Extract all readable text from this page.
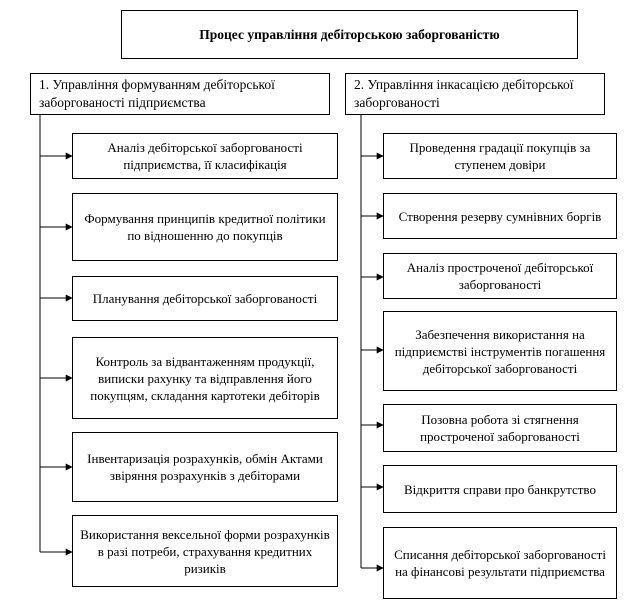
Процес управління дебіторською заборгованістю
1. Управління формуванням дебіторської заборгованості підприємства
2. Управління інкасацією дебіторської заборгованості
Аналіз дебіторської заборгованості підприємства, її класифікація
Формування принципів кредитної політики по відношенню до покупців
Планування дебіторської заборгованості
Контроль за відвантаженням продукції, виписки рахунку та відправлення його покупцям, складання картотеки дебіторів
Інвентаризація розрахунків, обмін Актами звіряння розрахунків з дебіторами
Використання вексельної форми розрахунків в разі потреби, страхування кредитних ризиків
Проведення градації покупців за ступенем довіри
Створення резерву сумнівних боргів
Аналіз простроченої дебіторської заборгованості
Забезпечення використання на підприємстві інструментів погашення дебіторської заборгованості
Позовна робота зі стягнення простроченої заборгованості
Відкриття справи про банкрутство
Списання дебіторської заборгованості на фінансові результати підприємства
